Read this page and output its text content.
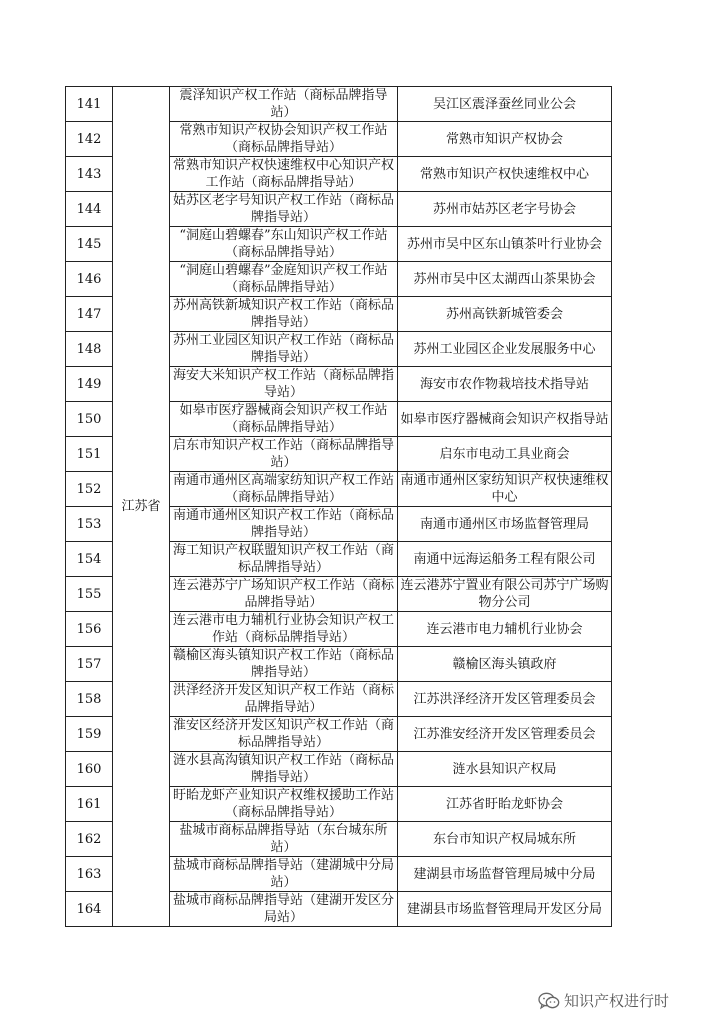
141	江苏省	震泽知识产权工作站（商标品牌指导站）	吴江区震泽蚕丝同业公会
142		常熟市知识产权协会知识产权工作站（商标品牌指导站）	常熟市知识产权协会
143		常熟市知识产权快速维权中心知识产权工作站（商标品牌指导站）	常熟市知识产权快速维权中心
144		姑苏区老字号知识产权工作站（商标品牌指导站）	苏州市姑苏区老字号协会
145		“洞庭山碧螺春”东山知识产权工作站（商标品牌指导站）	苏州市吴中区东山镇茶叶行业协会
146		“洞庭山碧螺春”金庭知识产权工作站（商标品牌指导站）	苏州市吴中区太湖西山茶果协会
147		苏州高铁新城知识产权工作站（商标品牌指导站）	苏州高铁新城管委会
148		苏州工业园区知识产权工作站（商标品牌指导站）	苏州工业园区企业发展服务中心
149		海安大米知识产权工作站（商标品牌指导站）	海安市农作物栽培技术指导站
150		如皋市医疗器械商会知识产权工作站（商标品牌指导站）	如皋市医疗器械商会知识产权指导站
151		启东市知识产权工作站（商标品牌指导站）	启东市电动工具业商会
152		南通市通州区高端家纺知识产权工作站（商标品牌指导站）	南通市通州区家纺知识产权快速维权 中心
153		南通市通州区知识产权工作站（商标品牌指导站）	南通市通州区市场监督管理局
154		海工知识产权联盟知识产权工作站（商标品牌指导站）	南通中远海运船务工程有限公司
155		连云港苏宁广场知识产权工作站（商标品牌指导站）	连云港苏宁置业有限公司苏宁广场购 物分公司
156		连云港市电力辅机行业协会知识产权工作站（商标品牌指导站）	连云港市电力辅机行业协会
157		赣榆区海头镇知识产权工作站（商标品牌指导站）	赣榆区海头镇政府
158		洪泽经济开发区知识产权工作站（商标品牌指导站）	江苏洪泽经济开发区管理委员会
159		淮安区经济开发区知识产权工作站（商标品牌指导站）	江苏淮安经济开发区管理委员会
160		涟水县高沟镇知识产权工作站（商标品牌指导站）	涟水县知识产权局
161		盱眙龙虾产业知识产权维权援助工作站（商标品牌指导站）	江苏省盱眙龙虾协会
162		盐城市商标品牌指导站（东台城东所站）	东台市知识产权局城东所
163		盐城市商标品牌指导站（建湖城中分局站）	建湖县市场监督管理局城中分局
164		盐城市商标品牌指导站（建湖开发区分局站）	建湖县市场监督管理局开发区分局
知识产权进行时
